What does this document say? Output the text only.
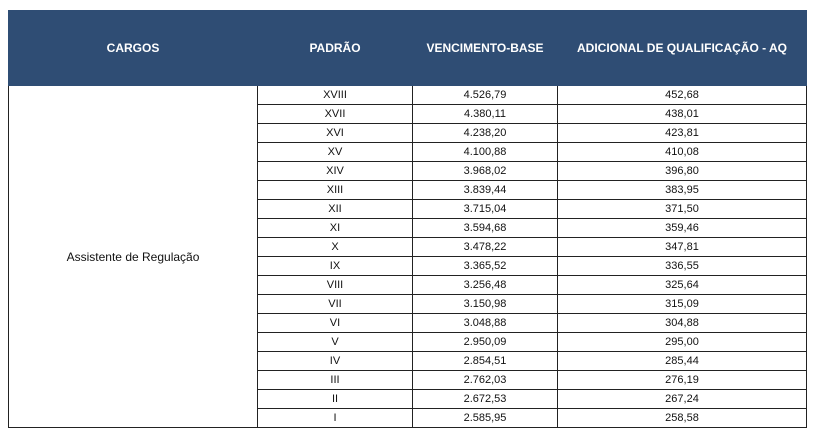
CARGOS	PADRÃO	VENCIMENTO-BASE	ADICIONAL DE QUALIFICAÇÃO - AQ
Assistente de Regulação	XVIII	4.526,79	452,68
	XVII	4.380,11	438,01
	XVI	4.238,20	423,81
	XV	4.100,88	410,08
	XIV	3.968,02	396,80
	XIII	3.839,44	383,95
	XII	3.715,04	371,50
	XI	3.594,68	359,46
	X	3.478,22	347,81
	IX	3.365,52	336,55
	VIII	3.256,48	325,64
	VII	3.150,98	315,09
	VI	3.048,88	304,88
	V	2.950,09	295,00
	IV	2.854,51	285,44
	III	2.762,03	276,19
	II	2.672,53	267,24
	I	2.585,95	258,58
